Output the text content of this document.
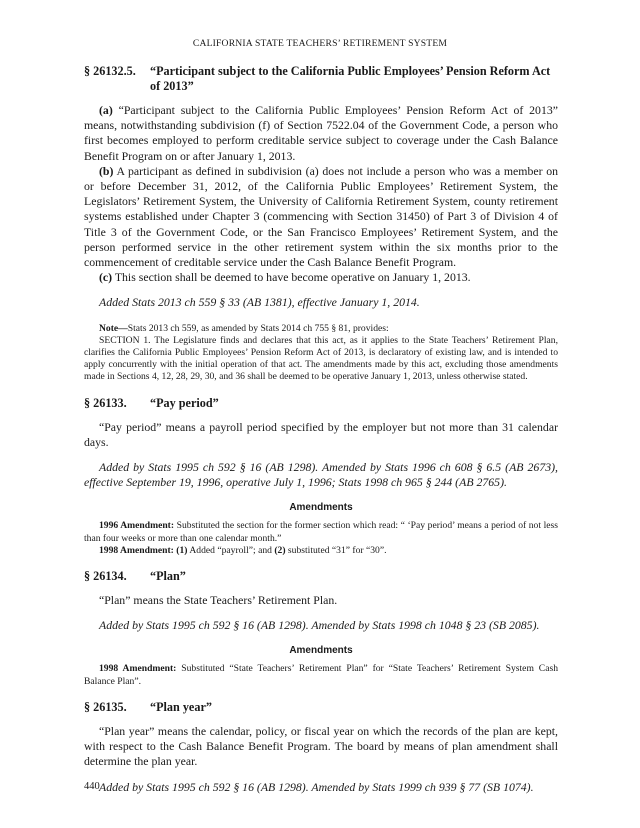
CALIFORNIA STATE TEACHERS’ RETIREMENT SYSTEM
§ 26132.5.	“Participant subject to the California Public Employees’ Pension Reform Act of 2013”

(a) “Participant subject to the California Public Employees’ Pension Reform Act of 2013” means, notwithstanding subdivision (f) of Section 7522.04 of the Government Code, a person who first becomes employed to perform creditable service subject to coverage under the Cash Balance Benefit Program on or after January 1, 2013.

(b) A participant as defined in subdivision (a) does not include a person who was a member on or before December 31, 2012, of the California Public Employees’ Retirement System, the Legislators’ Retirement System, the University of California Retirement System, county retirement systems established under Chapter 3 (commencing with Section 31450) of Part 3 of Division 4 of Title 3 of the Government Code, or the San Francisco Employees’ Retirement System, and the person performed service in the other retirement system within the six months prior to the commencement of creditable service under the Cash Balance Benefit Program.

(c) This section shall be deemed to have become operative on January 1, 2013.

Added Stats 2013 ch 559 § 33 (AB 1381), effective January 1, 2014.

Note—Stats 2013 ch 559, as amended by Stats 2014 ch 755 § 81, provides:

SECTION 1. The Legislature finds and declares that this act, as it applies to the State Teachers’ Retirement Plan, clarifies the California Public Employees’ Pension Reform Act of 2013, is declaratory of existing law, and is intended to apply concurrently with the initial operation of that act. The amendments made by this act, excluding those amendments made in Sections 4, 12, 28, 29, 30, and 36 shall be deemed to be operative January 1, 2013, unless otherwise stated.

§ 26133.	“Pay period”

“Pay period” means a payroll period specified by the employer but not more than 31 calendar days.

Added by Stats 1995 ch 592 § 16 (AB 1298). Amended by Stats 1996 ch 608 § 6.5 (AB 2673), effective September 19, 1996, operative July 1, 1996; Stats 1998 ch 965 § 244 (AB 2765).

Amendments

1996 Amendment: Substituted the section for the former section which read: “ ‘Pay period’ means a period of not less than four weeks or more than one calendar month.”

1998 Amendment: (1) Added “payroll”; and (2) substituted “31” for “30”.

§ 26134.	“Plan”

“Plan” means the State Teachers’ Retirement Plan.

Added by Stats 1995 ch 592 § 16 (AB 1298). Amended by Stats 1998 ch 1048 § 23 (SB 2085).

Amendments

1998 Amendment: Substituted “State Teachers’ Retirement Plan” for “State Teachers’ Retirement System Cash Balance Plan”.

§ 26135.	“Plan year”

“Plan year” means the calendar, policy, or fiscal year on which the records of the plan are kept, with respect to the Cash Balance Benefit Program. The board by means of plan amendment shall determine the plan year.

Added by Stats 1995 ch 592 § 16 (AB 1298). Amended by Stats 1999 ch 939 § 77 (SB 1074).

440
